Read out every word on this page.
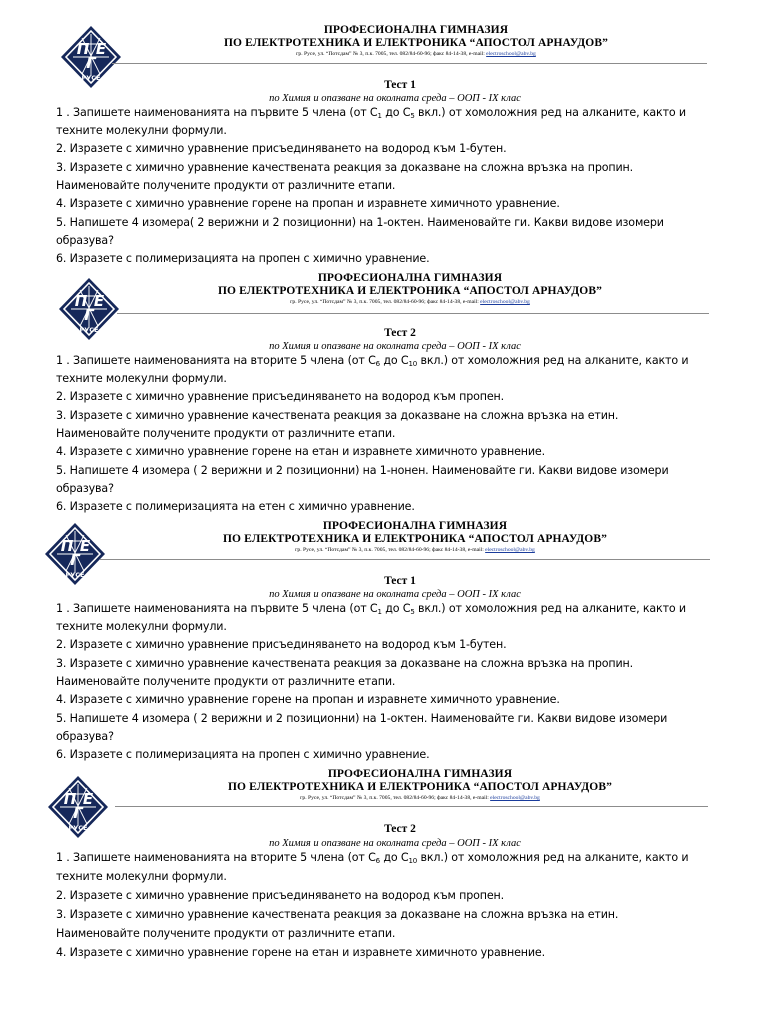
П
Г
Е
РУСЕ
ПРОФЕСИОНАЛНА ГИМНАЗИЯ
ПО ЕЛЕКТРОТЕХНИКА И ЕЛЕКТРОНИКА “АПОСТОЛ АРНАУДОВ”
гр. Русе, ул. “Потсдам” № 3, п.к. 7005, тел. 082/84-60-96; факс 84-14-38, e-mail: electroschool@abv.bg
Тест 1
по Химия и опазване на околната среда – ООП - IX клас
1 . Запишете наименованията на първите 5 члена (от $C_1$ до $C_5$ вкл.) от хомоложния ред на алканите, както и
техните молекулни формули.
2. Изразете с химично уравнение присъединяването на водород към 1-бутен.
3. Изразете с химично уравнение качествената реакция за доказване на сложна връзка на пропин.
Наименовайте получените продукти от различните етапи.
4. Изразете с химично уравнение горене на пропан и изравнете химичното уравнение.
5. Напишете 4 изомера( 2 верижни и 2 позиционни) на 1-октен. Наименовайте ги. Какви видове изомери
образува?
6. Изразете с полимеризацията на пропен с химично уравнение.
П
Г
Е
РУСЕ
ПРОФЕСИОНАЛНА ГИМНАЗИЯ
ПО ЕЛЕКТРОТЕХНИКА И ЕЛЕКТРОНИКА “АПОСТОЛ АРНАУДОВ”
гр. Русе, ул. “Потсдам” № 3, п.к. 7005, тел. 082/84-60-96; факс 84-14-38, e-mail: electroschool@abv.bg
Тест 2
по Химия и опазване на околната среда – ООП - IX клас
1 . Запишете наименованията на вторите 5 члена (от $C_6$ до $C_{10}$ вкл.) от хомоложния ред на алканите, както и
техните молекулни формули.
2. Изразете с химично уравнение присъединяването на водород към пропен.
3. Изразете с химично уравнение качествената реакция за доказване на сложна връзка на етин.
Наименовайте получените продукти от различните етапи.
4. Изразете с химично уравнение горене на етан и изравнете химичното уравнение.
5. Напишете 4 изомера ( 2 верижни и 2 позиционни) на 1-нонен. Наименовайте ги. Какви видове изомери
образува?
6. Изразете с полимеризацията на етен с химично уравнение.
П
Г
Е
РУСЕ
ПРОФЕСИОНАЛНА ГИМНАЗИЯ
ПО ЕЛЕКТРОТЕХНИКА И ЕЛЕКТРОНИКА “АПОСТОЛ АРНАУДОВ”
гр. Русе, ул. “Потсдам” № 3, п.к. 7005, тел. 082/84-60-96; факс 84-14-38, e-mail: electroschool@abv.bg
Тест 1
по Химия и опазване на околната среда – ООП - IX клас
1 . Запишете наименованията на първите 5 члена (от $C_1$ до $C_5$ вкл.) от хомоложния ред на алканите, както и
техните молекулни формули.
2. Изразете с химично уравнение присъединяването на водород към 1-бутен.
3. Изразете с химично уравнение качествената реакция за доказване на сложна връзка на пропин.
Наименовайте получените продукти от различните етапи.
4. Изразете с химично уравнение горене на пропан и изравнете химичното уравнение.
5. Напишете 4 изомера ( 2 верижни и 2 позиционни) на 1-октен. Наименовайте ги. Какви видове изомери
образува?
6. Изразете с полимеризацията на пропен с химично уравнение.
П
Г
Е
РУСЕ
ПРОФЕСИОНАЛНА ГИМНАЗИЯ
ПО ЕЛЕКТРОТЕХНИКА И ЕЛЕКТРОНИКА “АПОСТОЛ АРНАУДОВ”
гр. Русе, ул. “Потсдам” № 3, п.к. 7005, тел. 082/84-60-96; факс 84-14-38, e-mail: electroschool@abv.bg
Тест 2
по Химия и опазване на околната среда – ООП - IX клас
1 . Запишете наименованията на вторите 5 члена (от $C_6$ до $C_{10}$ вкл.) от хомоложния ред на алканите, както и
техните молекулни формули.
2. Изразете с химично уравнение присъединяването на водород към пропен.
3. Изразете с химично уравнение качествената реакция за доказване на сложна връзка на етин.
Наименовайте получените продукти от различните етапи.
4. Изразете с химично уравнение горене на етан и изравнете химичното уравнение.
